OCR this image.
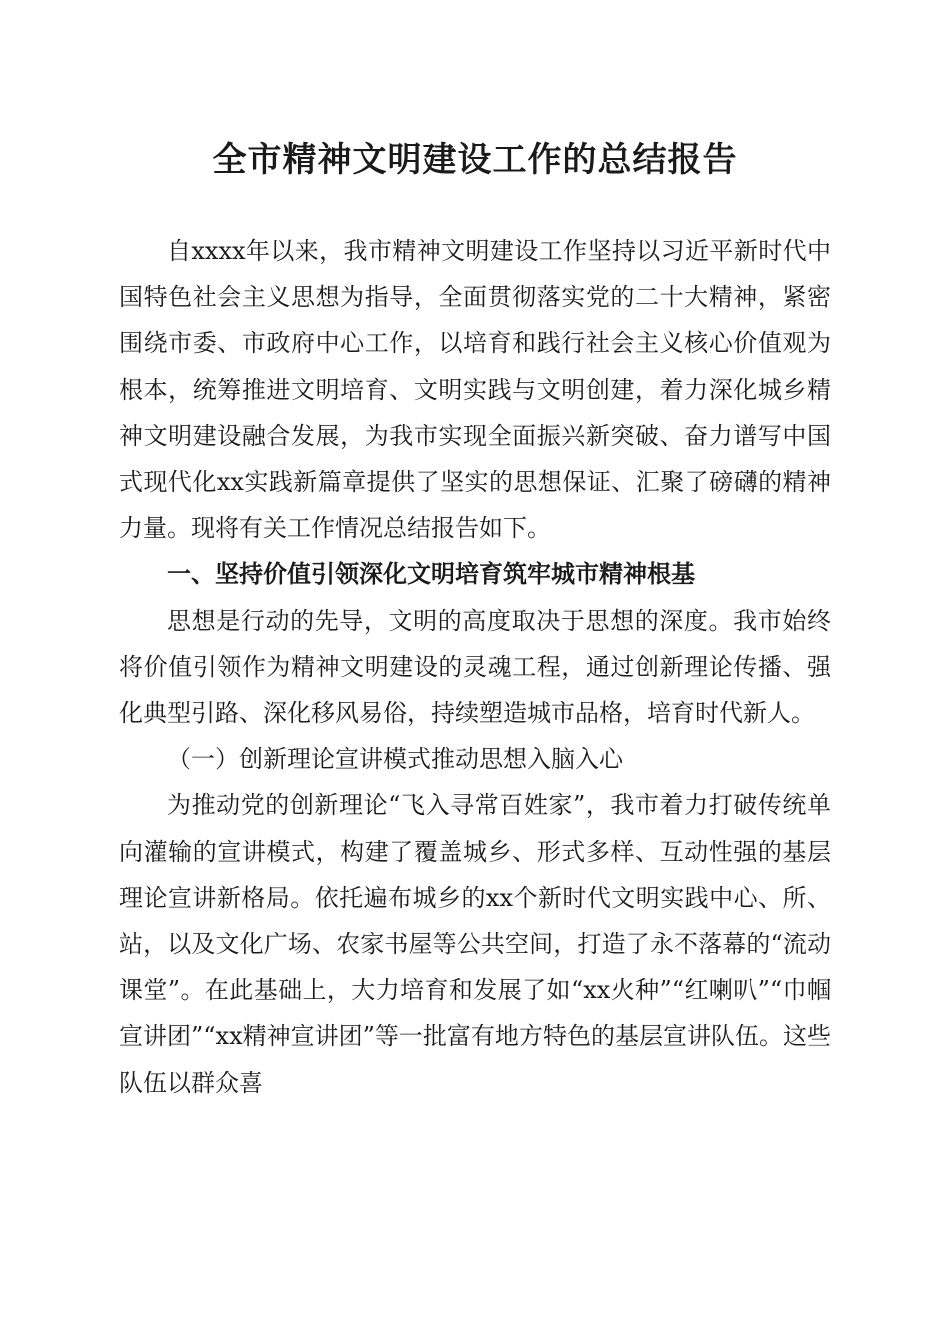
全市精神文明建设工作的总结报告

自xxxx年以来，我市精神文明建设工作坚持以习近平新时代中国特色社会主义思想为指导，全面贯彻落实党的二十大精神，紧密围绕市委、市政府中心工作，以培育和践行社会主义核心价值观为根本，统筹推进文明培育、文明实践与文明创建，着力深化城乡精神文明建设融合发展，为我市实现全面振兴新突破、奋力谱写中国式现代化xx实践新篇章提供了坚实的思想保证、汇聚了磅礴的精神力量。现将有关工作情况总结报告如下。

一、坚持价值引领深化文明培育筑牢城市精神根基

思想是行动的先导，文明的高度取决于思想的深度。我市始终将价值引领作为精神文明建设的灵魂工程，通过创新理论传播、强化典型引路、深化移风易俗，持续塑造城市品格，培育时代新人。

（一）创新理论宣讲模式推动思想入脑入心

为推动党的创新理论“飞入寻常百姓家”，我市着力打破传统单向灌输的宣讲模式，构建了覆盖城乡、形式多样、互动性强的基层理论宣讲新格局。依托遍布城乡的xx个新时代文明实践中心、所、站，以及文化广场、农家书屋等公共空间，打造了永不落幕的“流动课堂”。在此基础上，大力培育和发展了如“xx火种”“红喇叭”“巾帼宣讲团”“xx精神宣讲团”等一批富有地方特色的基层宣讲队伍。这些队伍以群众喜
